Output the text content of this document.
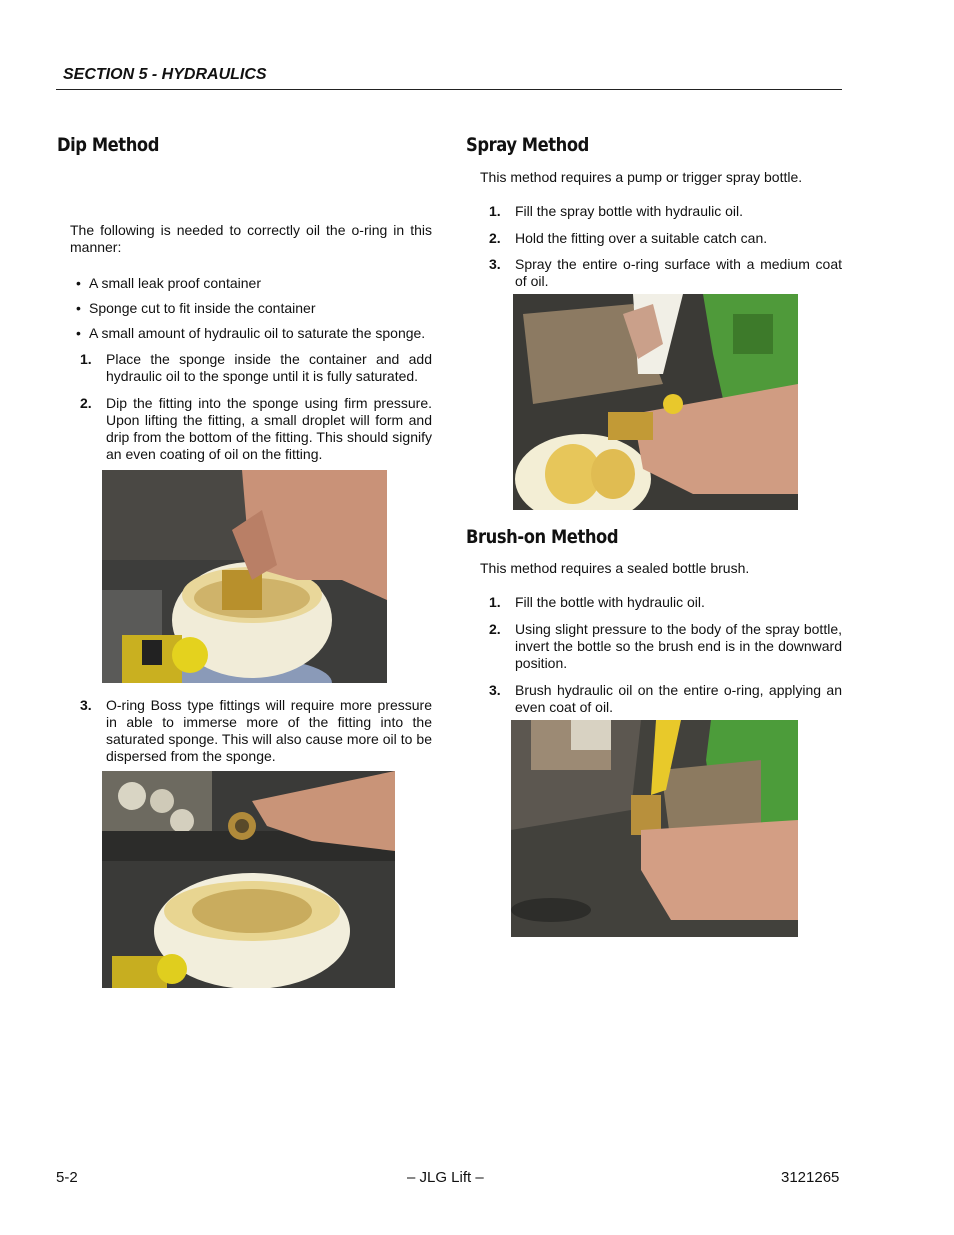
SECTION 5 - HYDRAULICS
Dip Method

The following is needed to correctly oil the o-ring in this manner:

• A small leak proof container
• Sponge cut to fit inside the container
• A small amount of hydraulic oil to saturate the sponge.
1. Place the sponge inside the container and add hydraulic oil to the sponge until it is fully saturated.
2. Dip the fitting into the sponge using firm pressure. Upon lifting the fitting, a small droplet will form and drip from the bottom of the fitting. This should signify an even coating of oil on the fitting.
3. O-ring Boss type fittings will require more pressure in able to immerse more of the fitting into the saturated sponge. This will also cause more oil to be dispersed from the sponge.
Spray Method

This method requires a pump or trigger spray bottle.

1. Fill the spray bottle with hydraulic oil.
2. Hold the fitting over a suitable catch can.
3. Spray the entire o-ring surface with a medium coat of oil.
Brush-on Method

This method requires a sealed bottle brush.

1. Fill the bottle with hydraulic oil.
2. Using slight pressure to the body of the spray bottle, invert the bottle so the brush end is in the downward position.
3. Brush hydraulic oil on the entire o-ring, applying an even coat of oil.
5-2	– JLG Lift –	3121265
